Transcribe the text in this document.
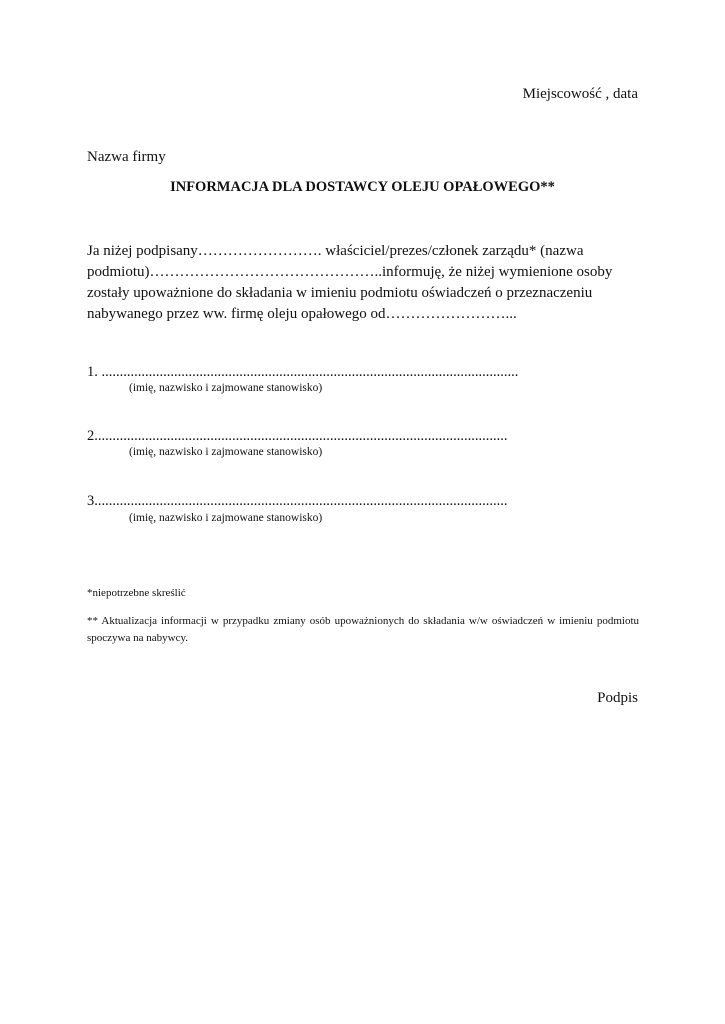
Miejscowość , data
Nazwa firmy
INFORMACJA DLA DOSTAWCY OLEJU OPAŁOWEGO**
Ja niżej podpisany……………………. właściciel/prezes/członek zarządu* (nazwa
podmiotu)………………………………………..informuję, że niżej wymienione osoby
zostały upoważnione do składania w imieniu podmiotu oświadczeń o przeznaczeniu
nabywanego przez ww. firmę oleju opałowego od……………………...
1. ...................................................................................................................
(imię, nazwisko i zajmowane stanowisko)
2..................................................................................................................
(imię, nazwisko i zajmowane stanowisko)
3..................................................................................................................
(imię, nazwisko i zajmowane stanowisko)
*niepotrzebne skreślić
** Aktualizacja informacji w przypadku zmiany osób upoważnionych do składania w/w oświadczeń w imieniu podmiotu spoczywa na nabywcy.
Podpis
